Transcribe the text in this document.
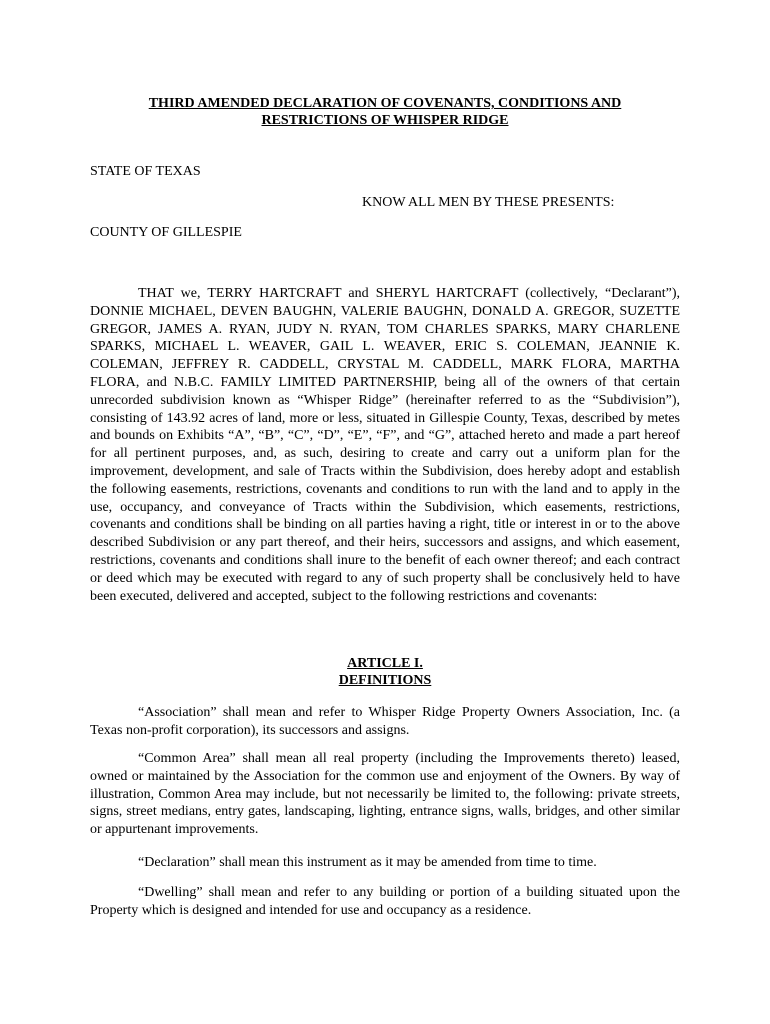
THIRD AMENDED DECLARATION OF COVENANTS, CONDITIONS AND
RESTRICTIONS OF WHISPER RIDGE
STATE OF TEXAS
KNOW ALL MEN BY THESE PRESENTS:
COUNTY OF GILLESPIE
THAT we, TERRY HARTCRAFT and SHERYL HARTCRAFT (collectively, “Declarant”), DONNIE MICHAEL, DEVEN BAUGHN, VALERIE BAUGHN, DONALD A. GREGOR, SUZETTE GREGOR, JAMES A. RYAN, JUDY N. RYAN, TOM CHARLES SPARKS, MARY CHARLENE SPARKS, MICHAEL L. WEAVER, GAIL L. WEAVER, ERIC S. COLEMAN, JEANNIE K. COLEMAN, JEFFREY R. CADDELL, CRYSTAL M. CADDELL, MARK FLORA, MARTHA FLORA, and N.B.C. FAMILY LIMITED PARTNERSHIP, being all of the owners of that certain unrecorded subdivision known as “Whisper Ridge” (hereinafter referred to as the “Subdivision”), consisting of 143.92 acres of land, more or less, situated in Gillespie County, Texas, described by metes and bounds on Exhibits “A”, “B”, “C”, “D”, “E”, “F”, and “G”, attached hereto and made a part hereof for all pertinent purposes, and, as such, desiring to create and carry out a uniform plan for the improvement, development, and sale of Tracts within the Subdivision, does hereby adopt and establish the following easements, restrictions, covenants and conditions to run with the land and to apply in the use, occupancy, and conveyance of Tracts within the Subdivision, which easements, restrictions, covenants and conditions shall be binding on all parties having a right, title or interest in or to the above described Subdivision or any part thereof, and their heirs, successors and assigns, and which easement, restrictions, covenants and conditions shall inure to the benefit of each owner thereof; and each contract or deed which may be executed with regard to any of such property shall be conclusively held to have been executed, delivered and accepted, subject to the following restrictions and covenants:
ARTICLE I.
DEFINITIONS
“Association” shall mean and refer to Whisper Ridge Property Owners Association, Inc. (a Texas non-profit corporation), its successors and assigns.
“Common Area” shall mean all real property (including the Improvements thereto) leased, owned or maintained by the Association for the common use and enjoyment of the Owners. By way of illustration, Common Area may include, but not necessarily be limited to, the following: private streets, signs, street medians, entry gates, landscaping, lighting, entrance signs, walls, bridges, and other similar or appurtenant improvements.
“Declaration” shall mean this instrument as it may be amended from time to time.
“Dwelling” shall mean and refer to any building or portion of a building situated upon the Property which is designed and intended for use and occupancy as a residence.
